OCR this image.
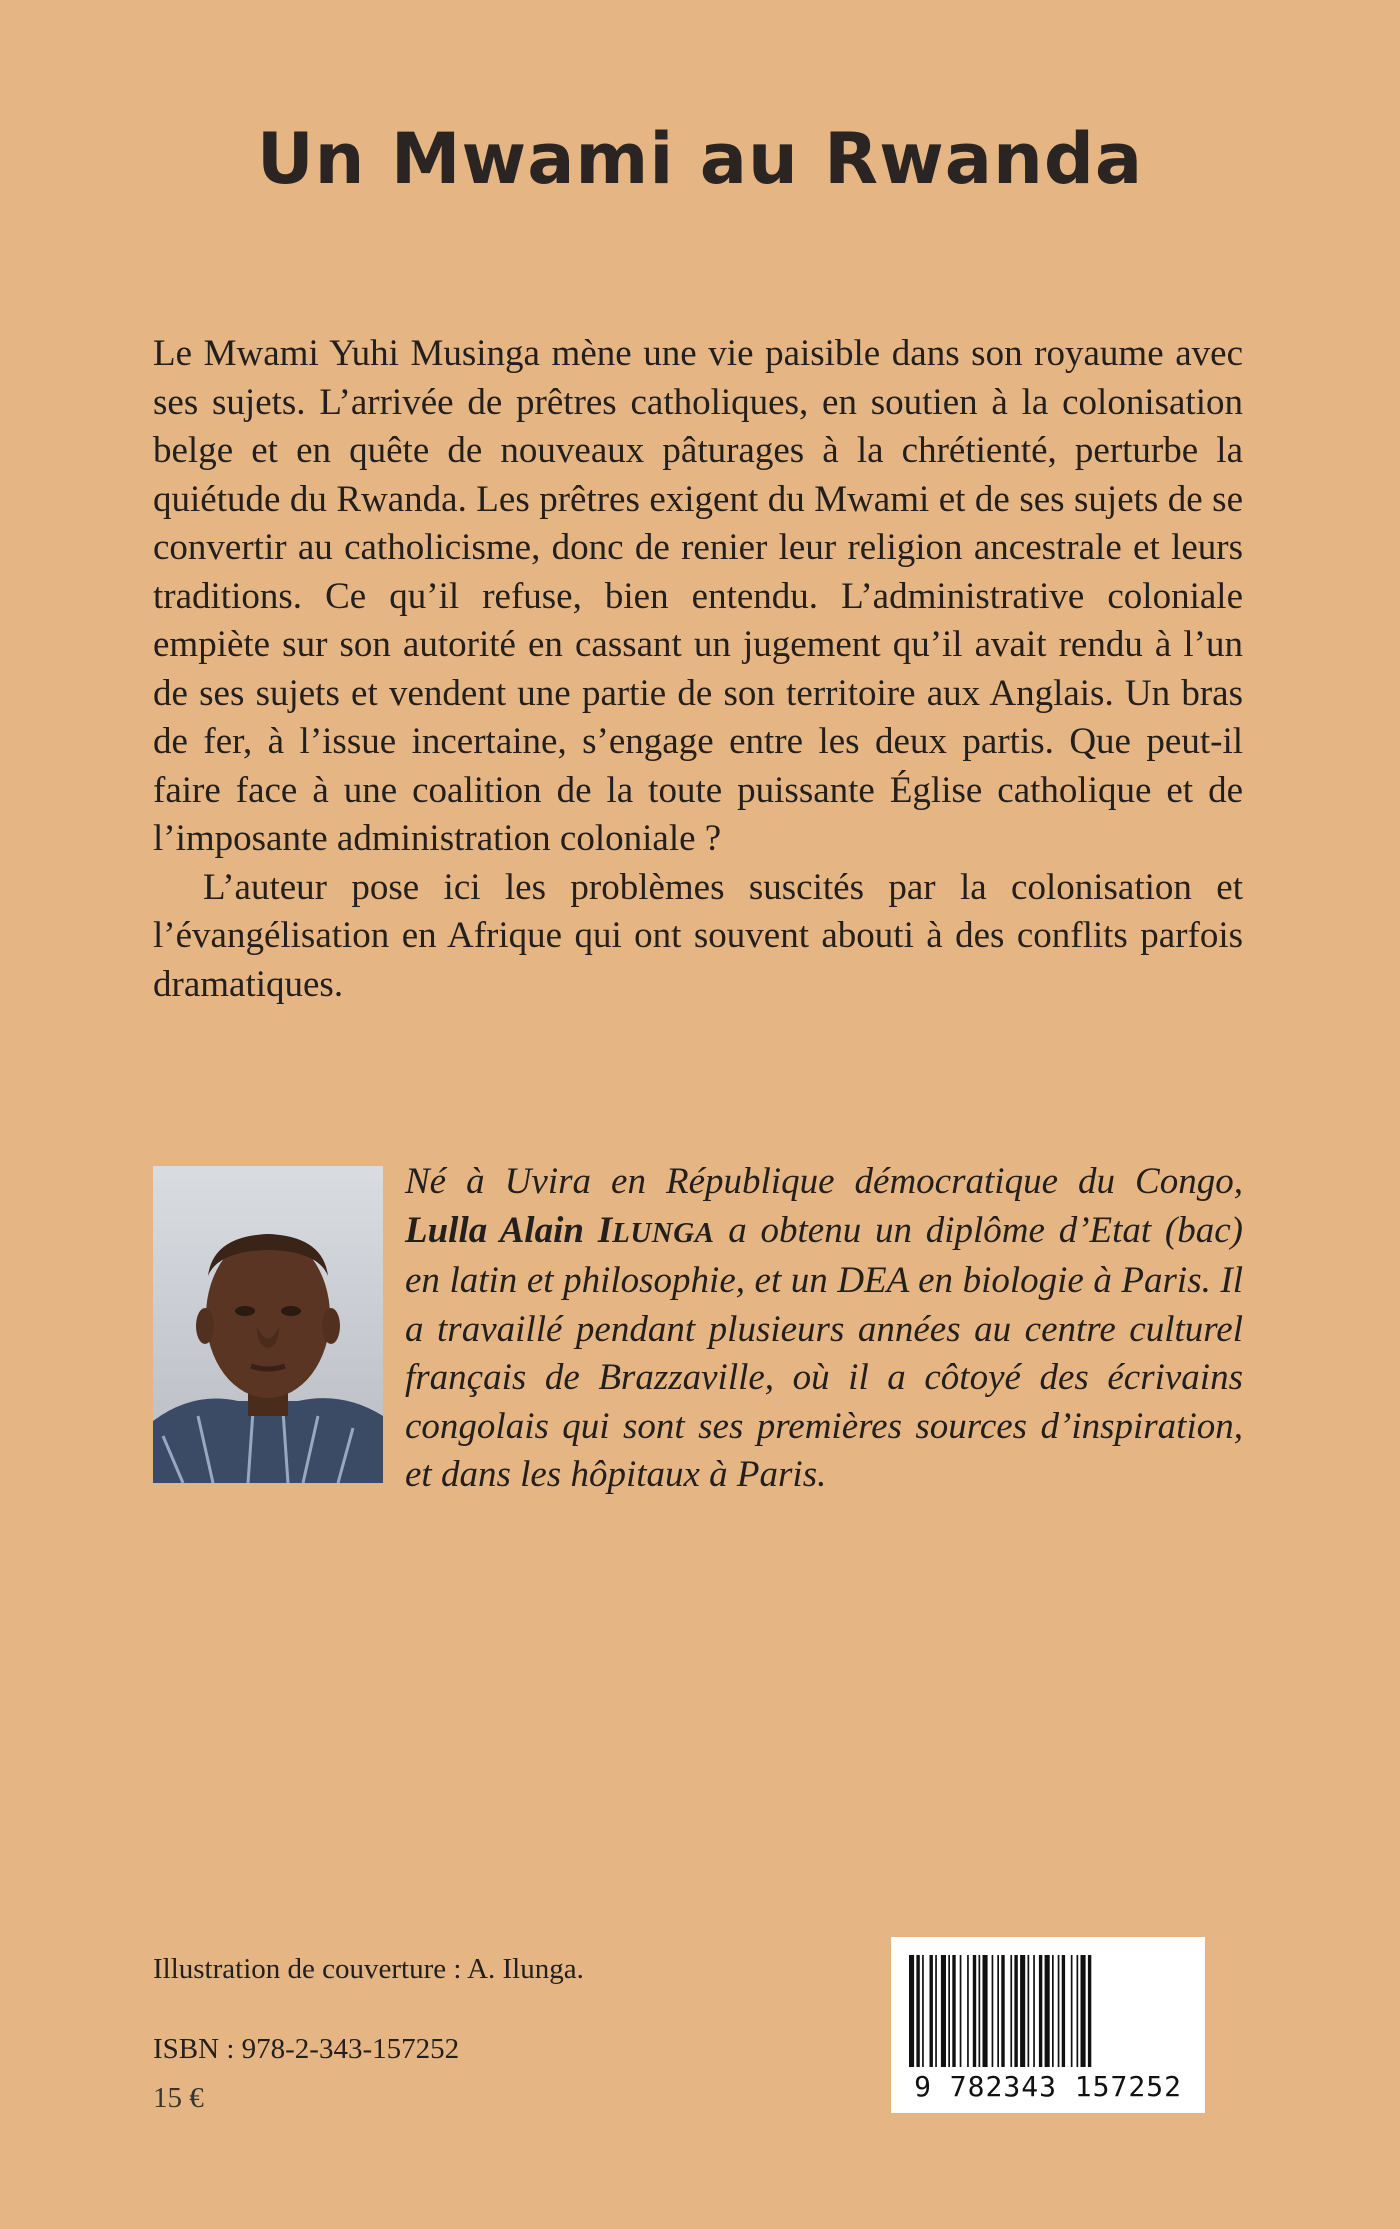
Un Mwami au Rwanda

Le Mwami Yuhi Musinga mène une vie paisible dans son royaume avec ses sujets. L’arrivée de prêtres catholiques, en soutien à la colonisation belge et en quête de nouveaux pâturages à la chrétienté, perturbe la quiétude du Rwanda. Les prêtres exigent du Mwami et de ses sujets de se convertir au catholicisme, donc de renier leur religion ancestrale et leurs traditions. Ce qu’il refuse, bien entendu. L’administrative coloniale empiète sur son autorité en cassant un jugement qu’il avait rendu à l’un de ses sujets et vendent une partie de son territoire aux Anglais. Un bras de fer, à l’issue incertaine, s’engage entre les deux partis. Que peut-il faire face à une coalition de la toute puissante Église catholique et de l’imposante administration coloniale ?

L’auteur pose ici les problèmes suscités par la colonisation et l’évangélisation en Afrique qui ont souvent abouti à des conflits parfois dramatiques.

Né à Uvira en République démocratique du Congo, Lulla Alain ILUNGA a obtenu un diplôme d’Etat (bac) en latin et philosophie, et un DEA en biologie à Paris. Il a travaillé pendant plusieurs années au centre culturel français de Brazzaville, où il a côtoyé des écrivains congolais qui sont ses premières sources d’inspiration, et dans les hôpitaux à Paris.

Illustration de couverture : A. Ilunga.

ISBN : 978-2-343-157252

15 €	9 782343 157252
